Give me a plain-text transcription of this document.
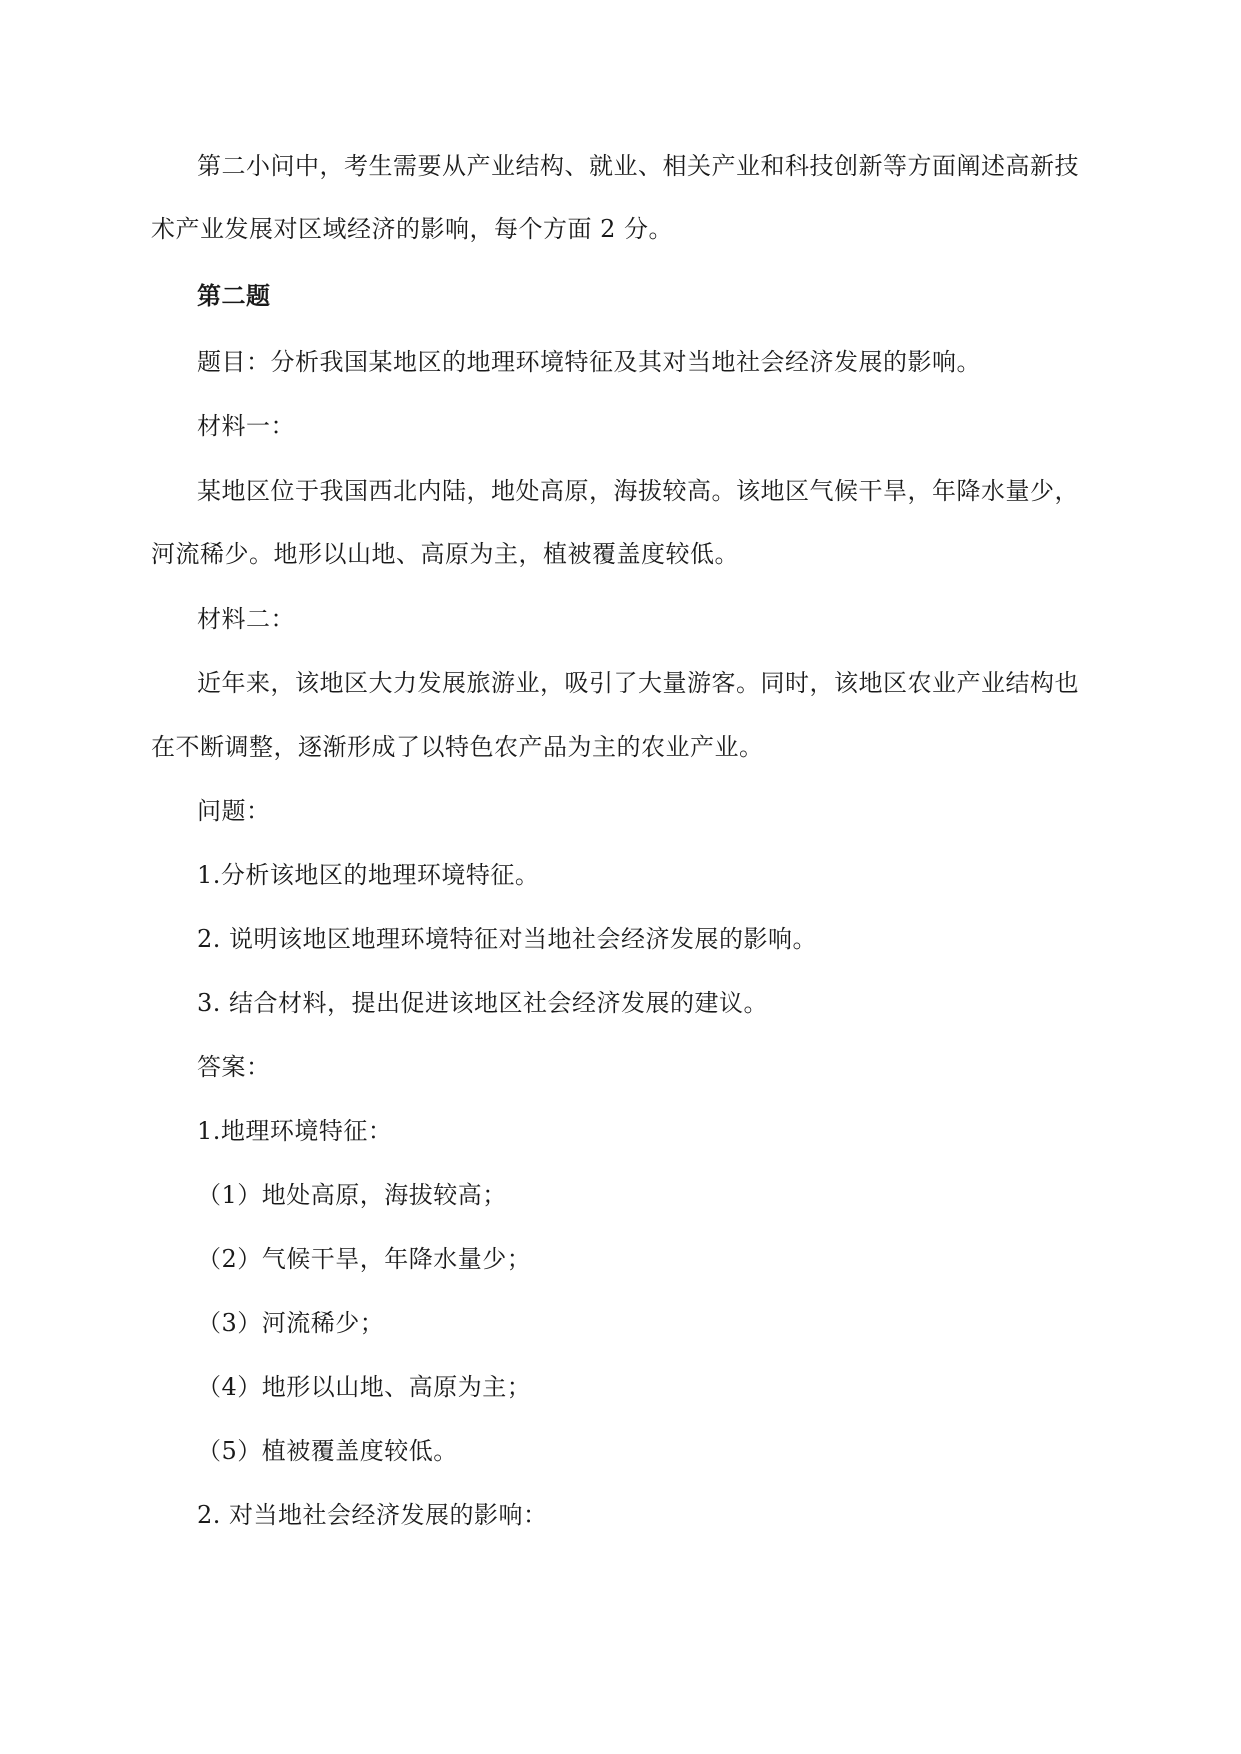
第二小问中，考生需要从产业结构、就业、相关产业和科技创新等方面阐述高新技
术产业发展对区域经济的影响，每个方面 2 分。
第二题
题目：分析我国某地区的地理环境特征及其对当地社会经济发展的影响。
材料一：
某地区位于我国西北内陆，地处高原，海拔较高。该地区气候干旱，年降水量少，
河流稀少。地形以山地、高原为主，植被覆盖度较低。
材料二：
近年来，该地区大力发展旅游业，吸引了大量游客。同时，该地区农业产业结构也
在不断调整，逐渐形成了以特色农产品为主的农业产业。
问题：
1.分析该地区的地理环境特征。
2. 说明该地区地理环境特征对当地社会经济发展的影响。
3. 结合材料，提出促进该地区社会经济发展的建议。
答案：
1.地理环境特征：
（1）地处高原，海拔较高；
（2）气候干旱，年降水量少；
（3）河流稀少；
（4）地形以山地、高原为主；
（5）植被覆盖度较低。
2. 对当地社会经济发展的影响：
